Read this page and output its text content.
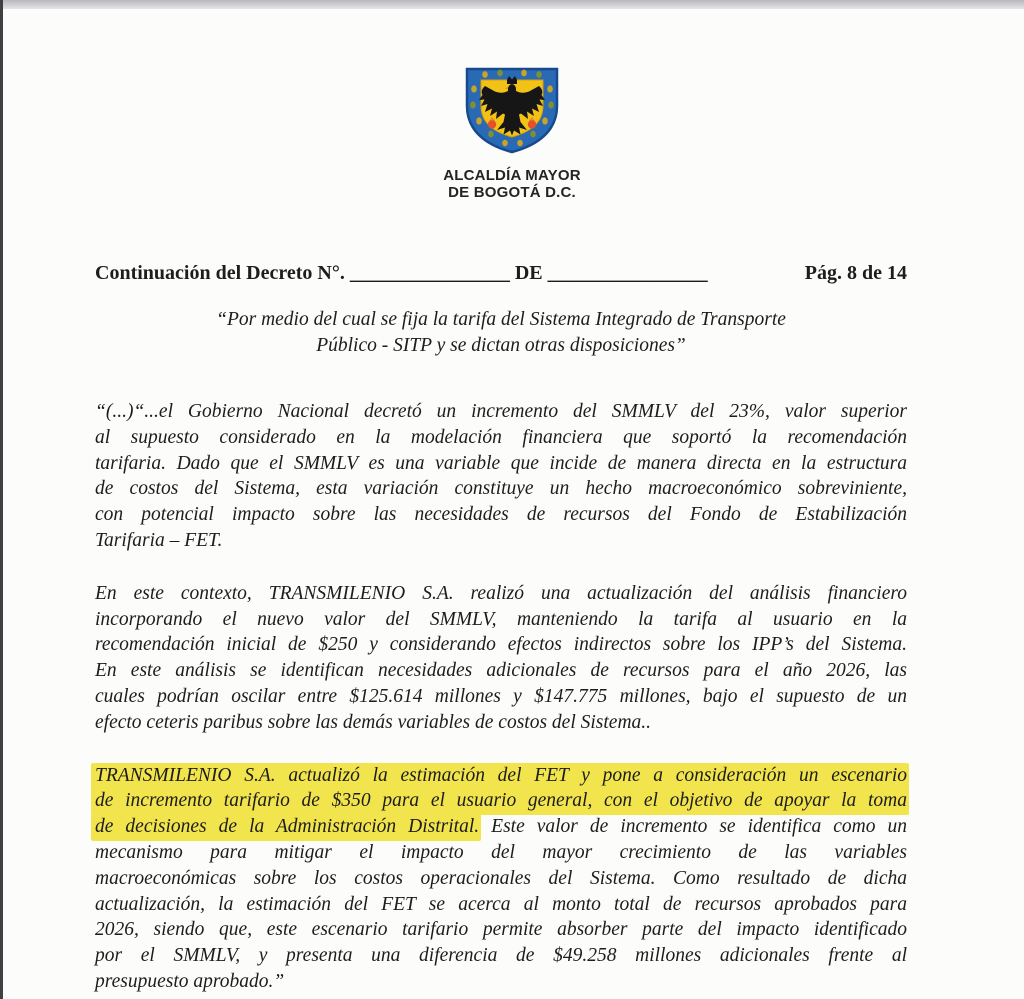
ALCALDÍA MAYOR
DE BOGOTÁ D.C.
Continuación del Decreto N°. ________________ DE ________________	Pág. 8 de 14
“Por medio del cual se fija la tarifa del Sistema Integrado de Transporte
Público - SITP y se dictan otras disposiciones”
“(...)“...el Gobierno Nacional decretó un incremento del SMMLV del 23%, valor superior
al supuesto considerado en la modelación financiera que soportó la recomendación
tarifaria. Dado que el SMMLV es una variable que incide de manera directa en la estructura
de costos del Sistema, esta variación constituye un hecho macroeconómico sobreviniente,
con potencial impacto sobre las necesidades de recursos del Fondo de Estabilización
Tarifaria – FET.
En este contexto, TRANSMILENIO S.A. realizó una actualización del análisis financiero
incorporando el nuevo valor del SMMLV, manteniendo la tarifa al usuario en la
recomendación inicial de $250 y considerando efectos indirectos sobre los IPP’s del Sistema.
En este análisis se identifican necesidades adicionales de recursos para el año 2026, las
cuales podrían oscilar entre $125.614 millones y $147.775 millones, bajo el supuesto de un
efecto ceteris paribus sobre las demás variables de costos del Sistema..
TRANSMILENIO S.A. actualizó la estimación del FET y pone a consideración un escenario
de incremento tarifario de $350 para el usuario general, con el objetivo de apoyar la toma
de decisiones de la Administración Distrital. Este valor de incremento se identifica como un
mecanismo para mitigar el impacto del mayor crecimiento de las variables
macroeconómicas sobre los costos operacionales del Sistema. Como resultado de dicha
actualización, la estimación del FET se acerca al monto total de recursos aprobados para
2026, siendo que, este escenario tarifario permite absorber parte del impacto identificado
por el SMMLV, y presenta una diferencia de $49.258 millones adicionales frente al
presupuesto aprobado.”
